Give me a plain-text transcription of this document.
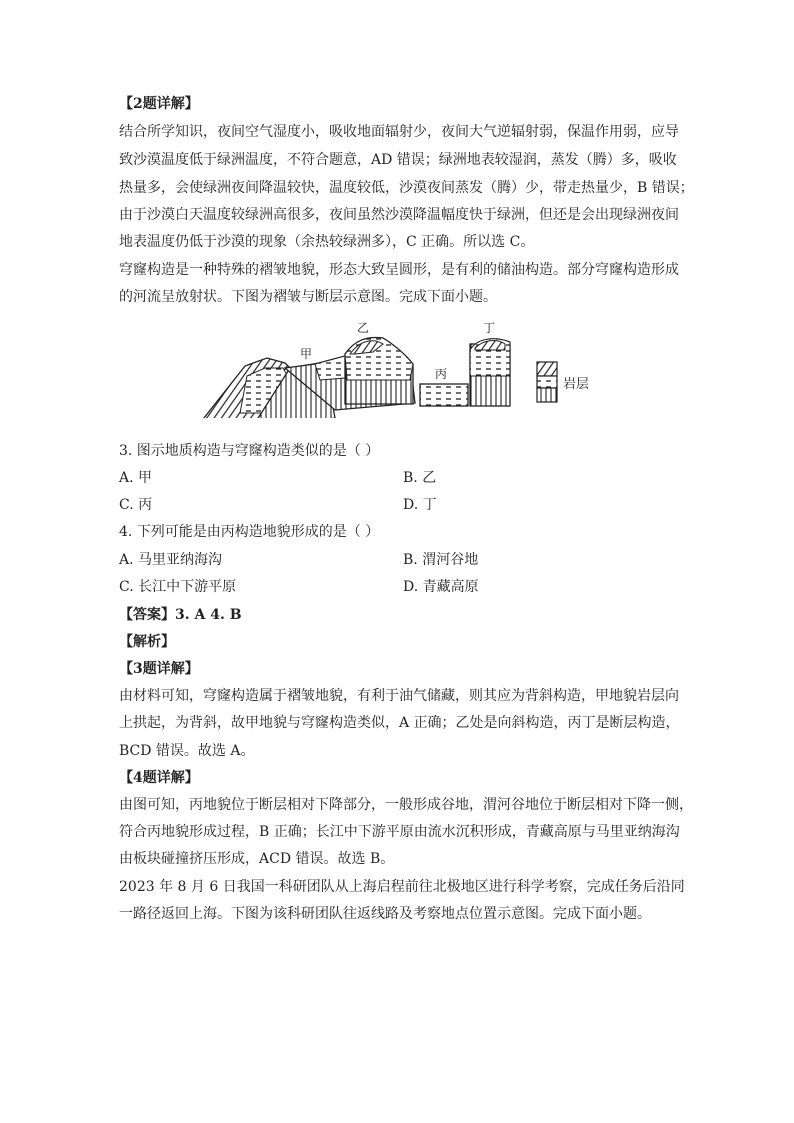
【2题详解】
结合所学知识，夜间空气湿度小，吸收地面辐射少，夜间大气逆辐射弱，保温作用弱，应导
致沙漠温度低于绿洲温度，不符合题意，AD 错误；绿洲地表较湿润，蒸发（腾）多，吸收
热量多，会使绿洲夜间降温较快，温度较低，沙漠夜间蒸发（腾）少，带走热量少，B 错误；
由于沙漠白天温度较绿洲高很多，夜间虽然沙漠降温幅度快于绿洲，但还是会出现绿洲夜间
地表温度仍低于沙漠的现象（余热较绿洲多），C 正确。所以选 C。
穹窿构造是一种特殊的褶皱地貌，形态大致呈圆形，是有利的储油构造。部分穹窿构造形成
的河流呈放射状。下图为褶皱与断层示意图。完成下面小题。
甲
乙
丙
丁
岩层
3. 图示地质构造与穹窿构造类似的是（ ）
A. 甲	B. 乙
C. 丙	D. 丁
4. 下列可能是由丙构造地貌形成的是（ ）
A. 马里亚纳海沟	B. 渭河谷地
C. 长江中下游平原	D. 青藏高原
【答案】3. A 4. B
【解析】
【3题详解】
由材料可知，穹窿构造属于褶皱地貌，有利于油气储藏，则其应为背斜构造，甲地貌岩层向
上拱起，为背斜，故甲地貌与穹窿构造类似，A 正确；乙处是向斜构造，丙丁是断层构造，
BCD 错误。故选 A。
【4题详解】
由图可知，丙地貌位于断层相对下降部分，一般形成谷地，渭河谷地位于断层相对下降一侧，
符合丙地貌形成过程，B 正确；长江中下游平原由流水沉积形成，青藏高原与马里亚纳海沟
由板块碰撞挤压形成，ACD 错误。故选 B。
2023 年 8 月 6 日我国一科研团队从上海启程前往北极地区进行科学考察，完成任务后沿同
一路径返回上海。下图为该科研团队往返线路及考察地点位置示意图。完成下面小题。
